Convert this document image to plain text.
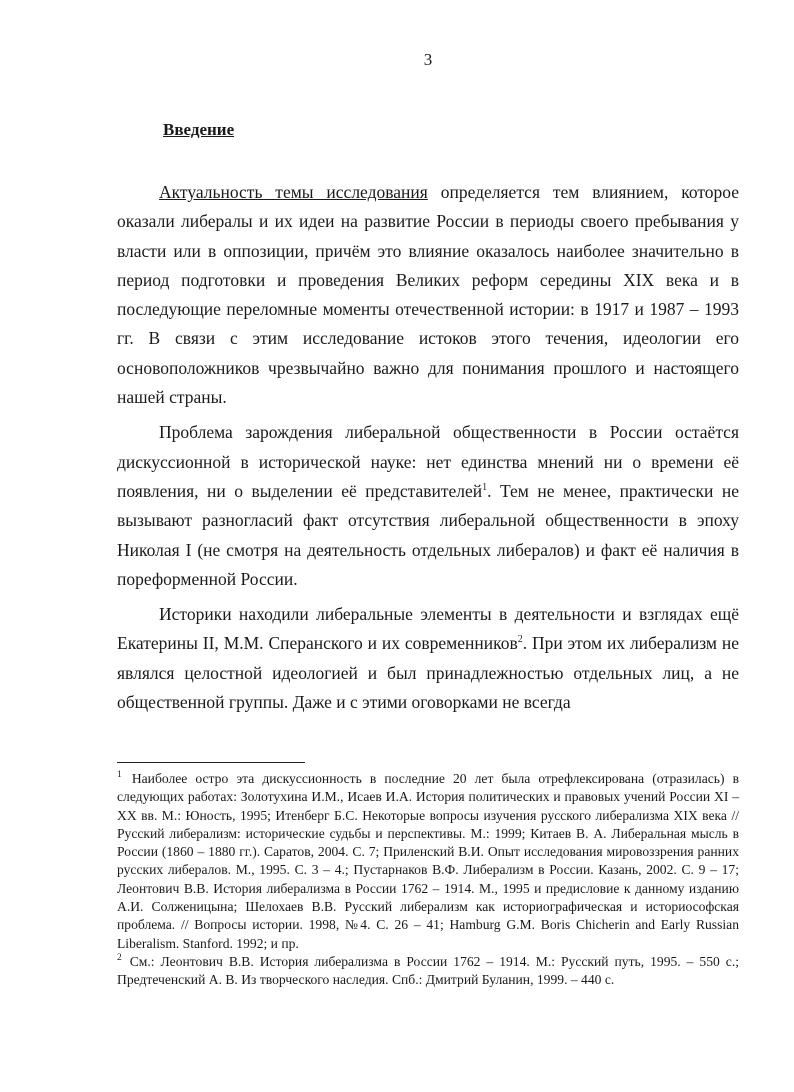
3
Введение

Актуальность темы исследования определяется тем влиянием, которое оказали либералы и их идеи на развитие России в периоды своего пребывания у власти или в оппозиции, причём это влияние оказалось наиболее значительно в период подготовки и проведения Великих реформ середины XIX века и в последующие переломные моменты отечественной истории: в 1917 и 1987 – 1993 гг. В связи с этим исследование истоков этого течения, идеологии его основоположников чрезвычайно важно для понимания прошлого и настоящего нашей страны.

Проблема зарождения либеральной общественности в России остаётся дискуссионной в исторической науке: нет единства мнений ни о времени её появления, ни о выделении её представителей$^1$. Тем не менее, практически не вызывают разногласий факт отсутствия либеральной общественности в эпоху Николая I (не смотря на деятельность отдельных либералов) и факт её наличия в пореформенной России.

Историки находили либеральные элементы в деятельности и взглядах ещё Екатерины II, М.М. Сперанского и их современников$^2$. При этом их либерализм не являлся целостной идеологией и был принадлежностью отдельных лиц, а не общественной группы. Даже и с этими оговорками не всегда

$^1$ Наиболее остро эта дискуссионность в последние 20 лет была отрефлексирована (отразилась) в следующих работах: Золотухина И.М., Исаев И.А. История политических и правовых учений России XI – XX вв. М.: Юность, 1995; Итенберг Б.С. Некоторые вопросы изучения русского либерализма XIX века // Русский либерализм: исторические судьбы и перспективы. М.: 1999; Китаев В. А. Либеральная мысль в России (1860 – 1880 гг.). Саратов, 2004. С. 7; Приленский В.И. Опыт исследования мировоззрения ранних русских либералов. М., 1995. С. 3 – 4.; Пустарнаков В.Ф. Либерализм в России. Казань, 2002. С. 9 – 17; Леонтович В.В. История либерализма в России 1762 – 1914. М., 1995 и предисловие к данному изданию А.И. Солженицына; Шелохаев В.В. Русский либерализм как историографическая и историософская проблема. // Вопросы истории. 1998, №4. С. 26 – 41; Hamburg G.M. Boris Chicherin and Early Russian Liberalism. Stanford. 1992; и пр.

$^2$ См.: Леонтович В.В. История либерализма в России 1762 – 1914. М.: Русский путь, 1995. – 550 с.; Предтеченский А. В. Из творческого наследия. Спб.: Дмитрий Буланин, 1999. – 440 с.
